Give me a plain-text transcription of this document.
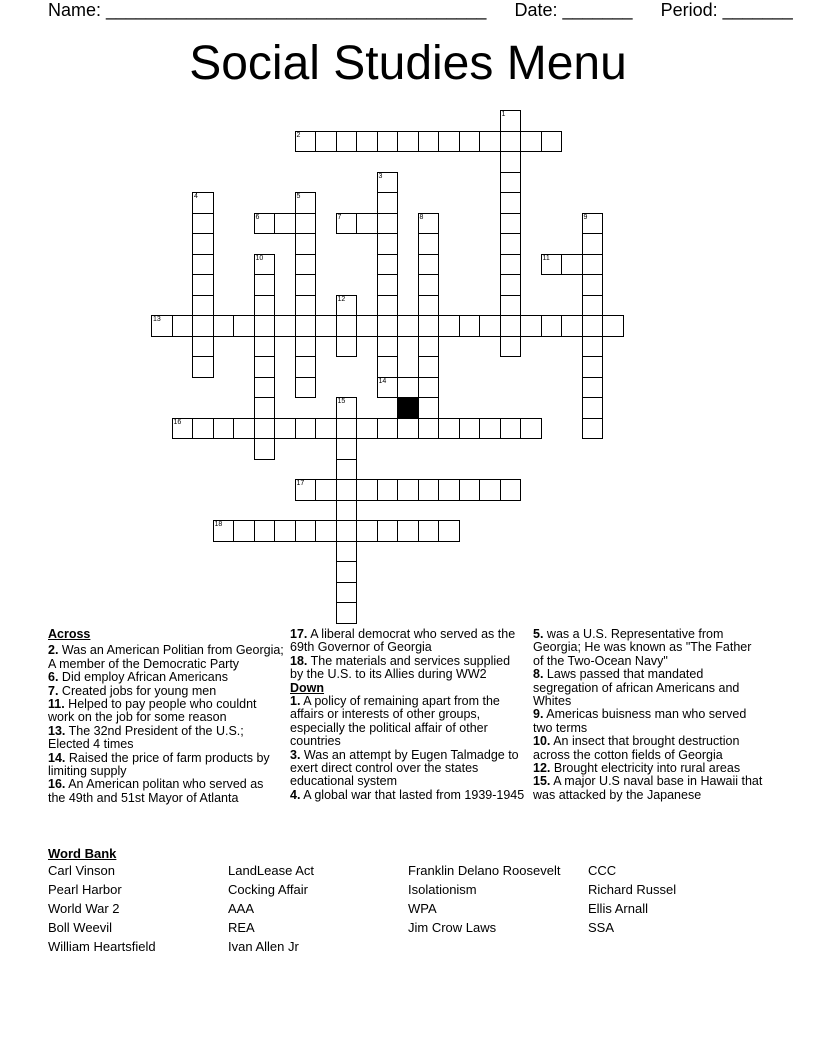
Name: ______________________________________ Date: _______ Period: _______
Social Studies Menu
1
2
3
4	5
6	7	8	9
10	11
12
13
14
15
16
17
18
Across
2. Was an American Politian from Georgia; A member of the Democratic Party
6. Did employ African Americans
7. Created jobs for young men
11. Helped to pay people who couldnt work on the job for some reason
13. The 32nd President of the U.S.; Elected 4 times
14. Raised the price of farm products by limiting supply
16. An American politan who served as the 49th and 51st Mayor of Atlanta
17. A liberal democrat who served as the 69th Governor of Georgia
18. The materials and services supplied by the U.S. to its Allies during WW2
Down
1. A policy of remaining apart from the affairs or interests of other groups, especially the political affair of other countries
3. Was an attempt by Eugen Talmadge to exert direct control over the states educational system
4. A global war that lasted from 1939-1945
5. was a U.S. Representative from Georgia; He was known as "The Father of the Two-Ocean Navy"
8. Laws passed that mandated segregation of african Americans and Whites
9. Americas buisness man who served two terms
10. An insect that brought destruction across the cotton fields of Georgia
12. Brought electricity into rural areas
15. A major U.S naval base in Hawaii that was attacked by the Japanese
Word Bank
Carl Vinson
Pearl Harbor
World War 2
Boll Weevil
William Heartsfield
LandLease Act
Cocking Affair
AAA
REA
Ivan Allen Jr
Franklin Delano Roosevelt
Isolationism
WPA
Jim Crow Laws
CCC
Richard Russel
Ellis Arnall
SSA
